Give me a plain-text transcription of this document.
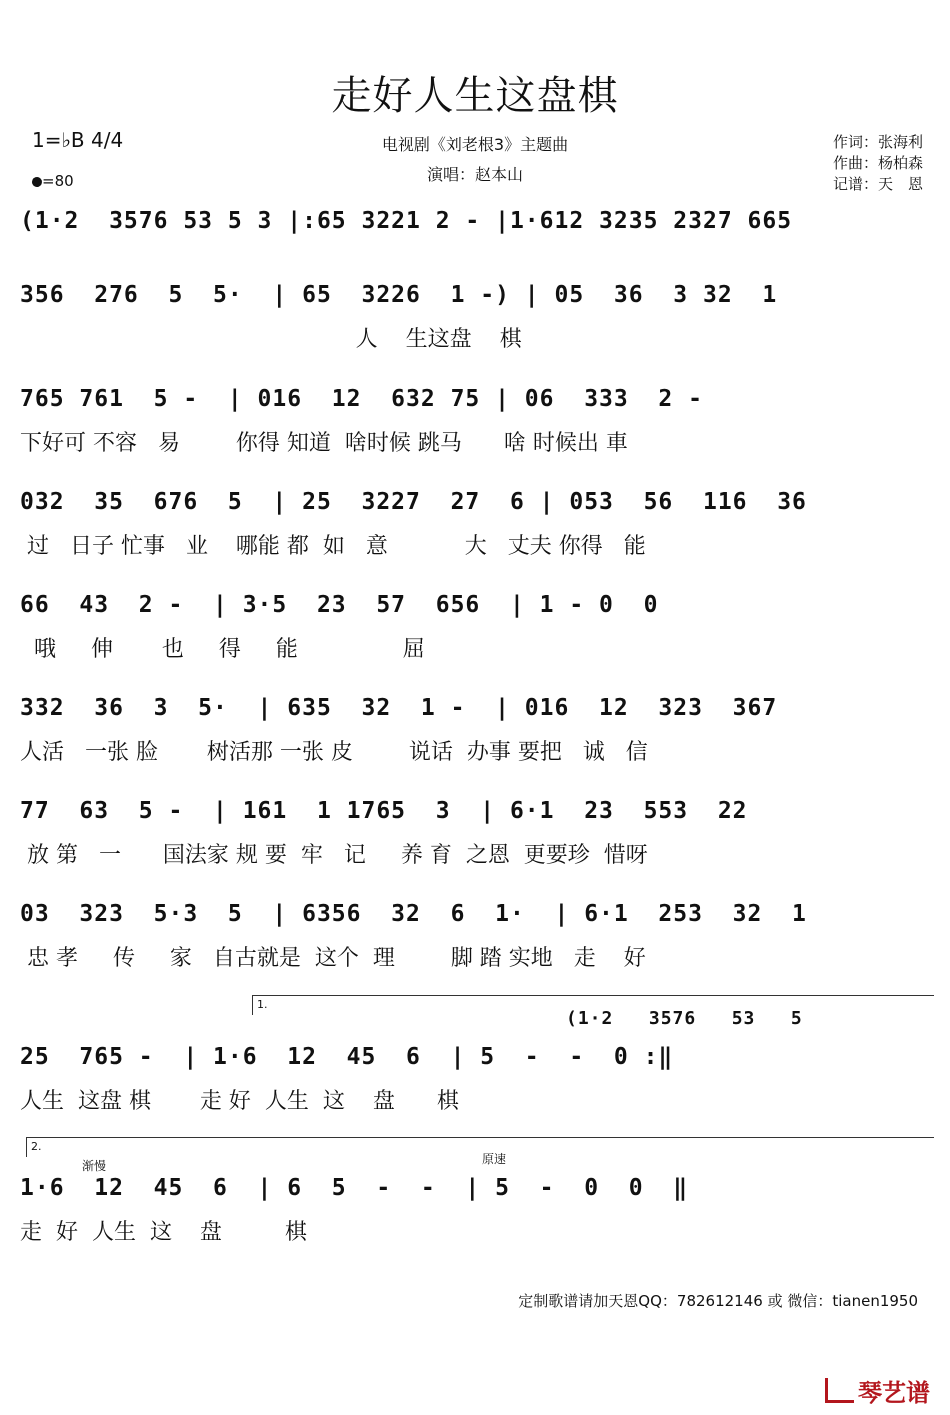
走好人生这盘棋
1=♭B 4/4
=80
电视剧《刘老根3》主题曲
演唱：赵本山
作词：张海利
作曲：杨柏森
记谱：天　恩
(1·2  3576 53 5 3 |:65 3221 2 - |1·612 3235 2327 665
356  276  5  5·  | 65  3226  1 -) | 05  36  3 32  1
人    生这盘    棋
765 761  5 -  | 016  12  632 75 | 06  333  2 -
下好可 不容   易        你得 知道  啥时候 跳马      啥 时候出 車
032  35  676  5  | 25  3227  27  6 | 053  56  116  36
过   日子 忙事   业    哪能 都  如   意           大   丈夫 你得   能
66  43  2 -  | 3·5  23  57  656  | 1 - 0  0
哦     伸       也     得     能               屈
332  36  3  5·  | 635  32  1 -  | 016  12  323  367
人活   一张 脸       树活那 一张 皮        说话  办事 要把   诚   信
77  63  5 -  | 161  1 1765  3  | 6·1  23  553  22
放 第   一      国法家 规 要  牢   记     养 育  之恩  更要珍  惜呀
03  323  5·3  5  | 6356  32  6  1·  | 6·1  253  32  1
忠 孝     传     家   自古就是  这个  理        脚 踏 实地   走    好
1.
(1·2   3576   53   5
25  765 -  | 1·6  12  45  6  | 5  -  -  0 :‖
人生  这盘 棋       走 好  人生  这    盘      棋
2.
渐慢	原速
1·6  12  45  6  | 6  5  -  -  | 5  -  0  0  ‖
走  好  人生  这    盘         棋
定制歌谱请加天恩QQ：782612146 或 微信：tianen1950
琴艺谱
